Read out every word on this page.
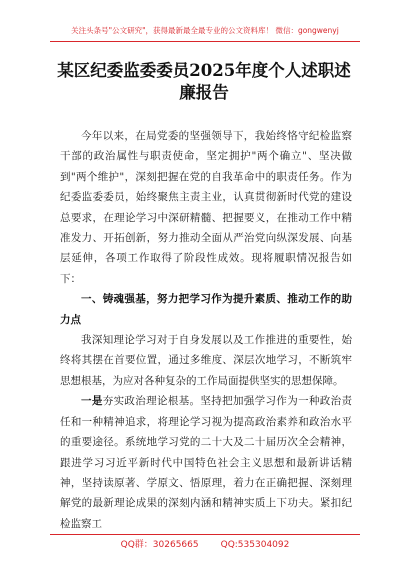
关注头条号"公文研究"，获得最新最全最专业的公文资料库！ 微信：gongwenyj
某区纪委监委委员2025年度个人述职述廉报告

今年以来，在局党委的坚强领导下，我始终恪守纪检监察干部的政治属性与职责使命，坚定拥护"两个确立"、坚决做到"两个维护"，深刻把握在党的自我革命中的职责任务。作为纪委监委委员，始终聚焦主责主业，认真贯彻新时代党的建设总要求，在理论学习中深研精髓、把握要义，在推动工作中精准发力、开拓创新，努力推动全面从严治党向纵深发展、向基层延伸，各项工作取得了阶段性成效。现将履职情况报告如下：

一、铸魂强基，努力把学习作为提升素质、推动工作的助力点

我深知理论学习对于自身发展以及工作推进的重要性，始终将其摆在首要位置，通过多维度、深层次地学习，不断筑牢思想根基，为应对各种复杂的工作局面提供坚实的思想保障。

一是夯实政治理论根基。坚持把加强学习作为一种政治责任和一种精神追求，将理论学习视为提高政治素养和政治水平的重要途径。系统地学习党的二十大及二十届历次全会精神，跟进学习习近平新时代中国特色社会主义思想和最新讲话精神，坚持读原著、学原文、悟原理，着力在正确把握、深刻理解党的最新理论成果的深刻内涵和精神实质上下功夫。紧扣纪检监察工

QQ群：30265665 QQ:535304092
